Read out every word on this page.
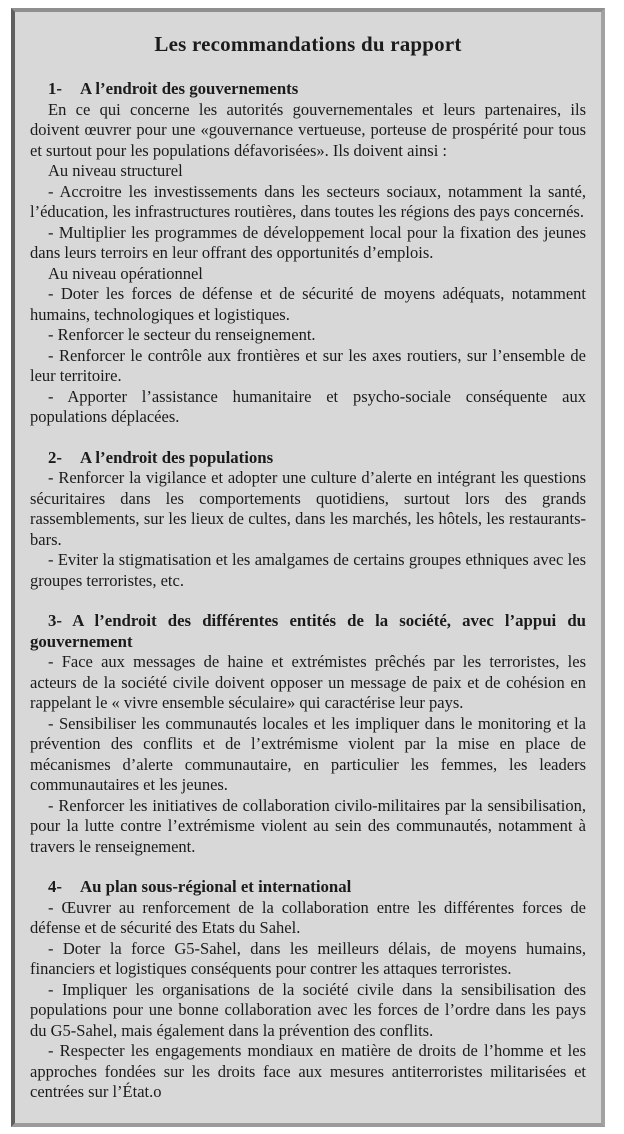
Les recommandations du rapport

1- A l’endroit des gouvernements

En ce qui concerne les autorités gouvernementales et leurs partenaires, ils doivent œuvrer pour une «gouvernance vertueuse, porteuse de prospérité pour tous et surtout pour les populations défavorisées». Ils doivent ainsi :

Au niveau structurel

- Accroitre les investissements dans les secteurs sociaux, notamment la santé, l’éducation, les infrastructures routières, dans toutes les régions des pays concernés.

- Multiplier les programmes de développement local pour la fixation des jeunes dans leurs terroirs en leur offrant des opportunités d’emplois.

Au niveau opérationnel

- Doter les forces de défense et de sécurité de moyens adéquats, notamment humains, technologiques et logistiques.

- Renforcer le secteur du renseignement.

- Renforcer le contrôle aux frontières et sur les axes routiers, sur l’ensemble de leur territoire.

- Apporter l’assistance humanitaire et psycho-sociale conséquente aux populations déplacées.

2- A l’endroit des populations

- Renforcer la vigilance et adopter une culture d’alerte en intégrant les questions sécuritaires dans les comportements quotidiens, surtout lors des grands rassemblements, sur les lieux de cultes, dans les marchés, les hôtels, les restaurants-bars.

- Eviter la stigmatisation et les amalgames de certains groupes ethniques avec les groupes terroristes, etc.

3- A l’endroit des différentes entités de la société, avec l’appui du gouvernement

- Face aux messages de haine et extrémistes prêchés par les terroristes, les acteurs de la société civile doivent opposer un message de paix et de cohésion en rappelant le « vivre ensemble séculaire» qui caractérise leur pays.

- Sensibiliser les communautés locales et les impliquer dans le monitoring et la prévention des conflits et de l’extrémisme violent par la mise en place de mécanismes d’alerte communautaire, en particulier les femmes, les leaders communautaires et les jeunes.

- Renforcer les initiatives de collaboration civilo-militaires par la sensibilisation, pour la lutte contre l’extrémisme violent au sein des communautés, notamment à travers le renseignement.

4- Au plan sous-régional et international

- Œuvrer au renforcement de la collaboration entre les différentes forces de défense et de sécurité des Etats du Sahel.

- Doter la force G5-Sahel, dans les meilleurs délais, de moyens humains, financiers et logistiques conséquents pour contrer les attaques terroristes.

- Impliquer les organisations de la société civile dans la sensibilisation des populations pour une bonne collaboration avec les forces de l’ordre dans les pays du G5-Sahel, mais également dans la prévention des conflits.

- Respecter les engagements mondiaux en matière de droits de l’homme et les approches fondées sur les droits face aux mesures antiterroristes militarisées et centrées sur l’État.o
